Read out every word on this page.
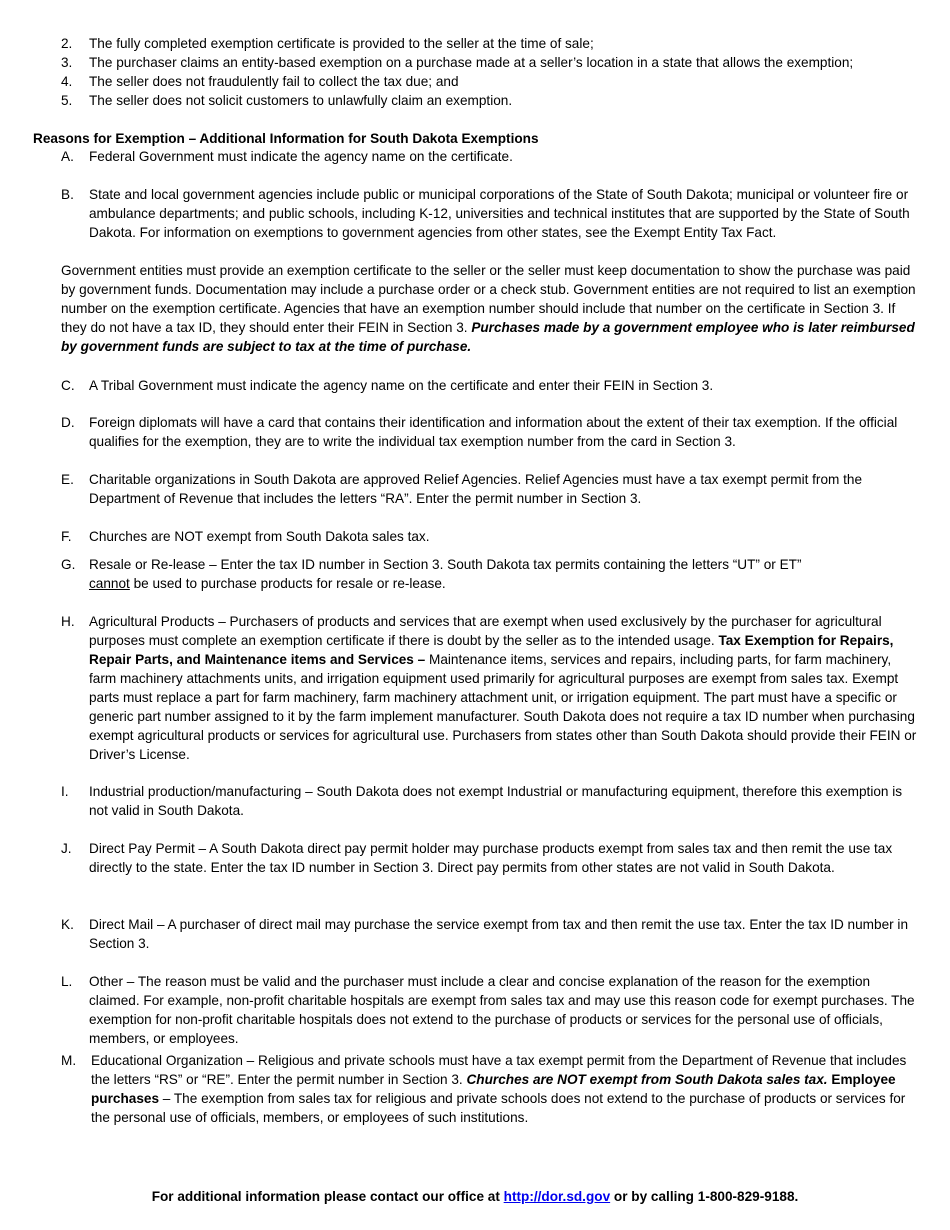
2. The fully completed exemption certificate is provided to the seller at the time of sale;
3. The purchaser claims an entity-based exemption on a purchase made at a seller’s location in a state that allows the exemption;
4. The seller does not fraudulently fail to collect the tax due; and
5. The seller does not solicit customers to unlawfully claim an exemption.
Reasons for Exemption – Additional Information for South Dakota Exemptions
A. Federal Government must indicate the agency name on the certificate.
B. State and local government agencies include public or municipal corporations of the State of South Dakota; municipal or volunteer fire or ambulance departments; and public schools, including K-12, universities and technical institutes that are supported by the State of South Dakota. For information on exemptions to government agencies from other states, see the Exempt Entity Tax Fact.
Government entities must provide an exemption certificate to the seller or the seller must keep documentation to show the purchase was paid by government funds. Documentation may include a purchase order or a check stub. Government entities are not required to list an exemption number on the exemption certificate. Agencies that have an exemption number should include that number on the certificate in Section 3. If they do not have a tax ID, they should enter their FEIN in Section 3. Purchases made by a government employee who is later reimbursed by government funds are subject to tax at the time of purchase.
C. A Tribal Government must indicate the agency name on the certificate and enter their FEIN in Section 3.
D. Foreign diplomats will have a card that contains their identification and information about the extent of their tax exemption. If the official qualifies for the exemption, they are to write the individual tax exemption number from the card in Section 3.
E. Charitable organizations in South Dakota are approved Relief Agencies. Relief Agencies must have a tax exempt permit from the Department of Revenue that includes the letters “RA”. Enter the permit number in Section 3.
F. Churches are NOT exempt from South Dakota sales tax.
G. Resale or Re-lease – Enter the tax ID number in Section 3. South Dakota tax permits containing the letters “UT” or ET”
cannot be used to purchase products for resale or re-lease.
H. Agricultural Products – Purchasers of products and services that are exempt when used exclusively by the purchaser for agricultural purposes must complete an exemption certificate if there is doubt by the seller as to the intended usage. Tax Exemption for Repairs, Repair Parts, and Maintenance items and Services – Maintenance items, services and repairs, including parts, for farm machinery, farm machinery attachments units, and irrigation equipment used primarily for agricultural purposes are exempt from sales tax. Exempt parts must replace a part for farm machinery, farm machinery attachment unit, or irrigation equipment. The part must have a specific or generic part number assigned to it by the farm implement manufacturer. South Dakota does not require a tax ID number when purchasing exempt agricultural products or services for agricultural use. Purchasers from states other than South Dakota should provide their FEIN or Driver’s License.
I. Industrial production/manufacturing – South Dakota does not exempt Industrial or manufacturing equipment, therefore this exemption is not valid in South Dakota.
J. Direct Pay Permit – A South Dakota direct pay permit holder may purchase products exempt from sales tax and then remit the use tax directly to the state. Enter the tax ID number in Section 3. Direct pay permits from other states are not valid in South Dakota.
K. Direct Mail – A purchaser of direct mail may purchase the service exempt from tax and then remit the use tax. Enter the tax ID number in Section 3.
L. Other – The reason must be valid and the purchaser must include a clear and concise explanation of the reason for the exemption claimed. For example, non-profit charitable hospitals are exempt from sales tax and may use this reason code for exempt purchases. The exemption for non-profit charitable hospitals does not extend to the purchase of products or services for the personal use of officials, members, or employees.
M. Educational Organization – Religious and private schools must have a tax exempt permit from the Department of Revenue that includes the letters “RS” or “RE”. Enter the permit number in Section 3. Churches are NOT exempt from South Dakota sales tax. Employee purchases – The exemption from sales tax for religious and private schools does not extend to the purchase of products or services for the personal use of officials, members, or employees of such institutions.
For additional information please contact our office at http://dor.sd.gov or by calling 1-800-829-9188.
